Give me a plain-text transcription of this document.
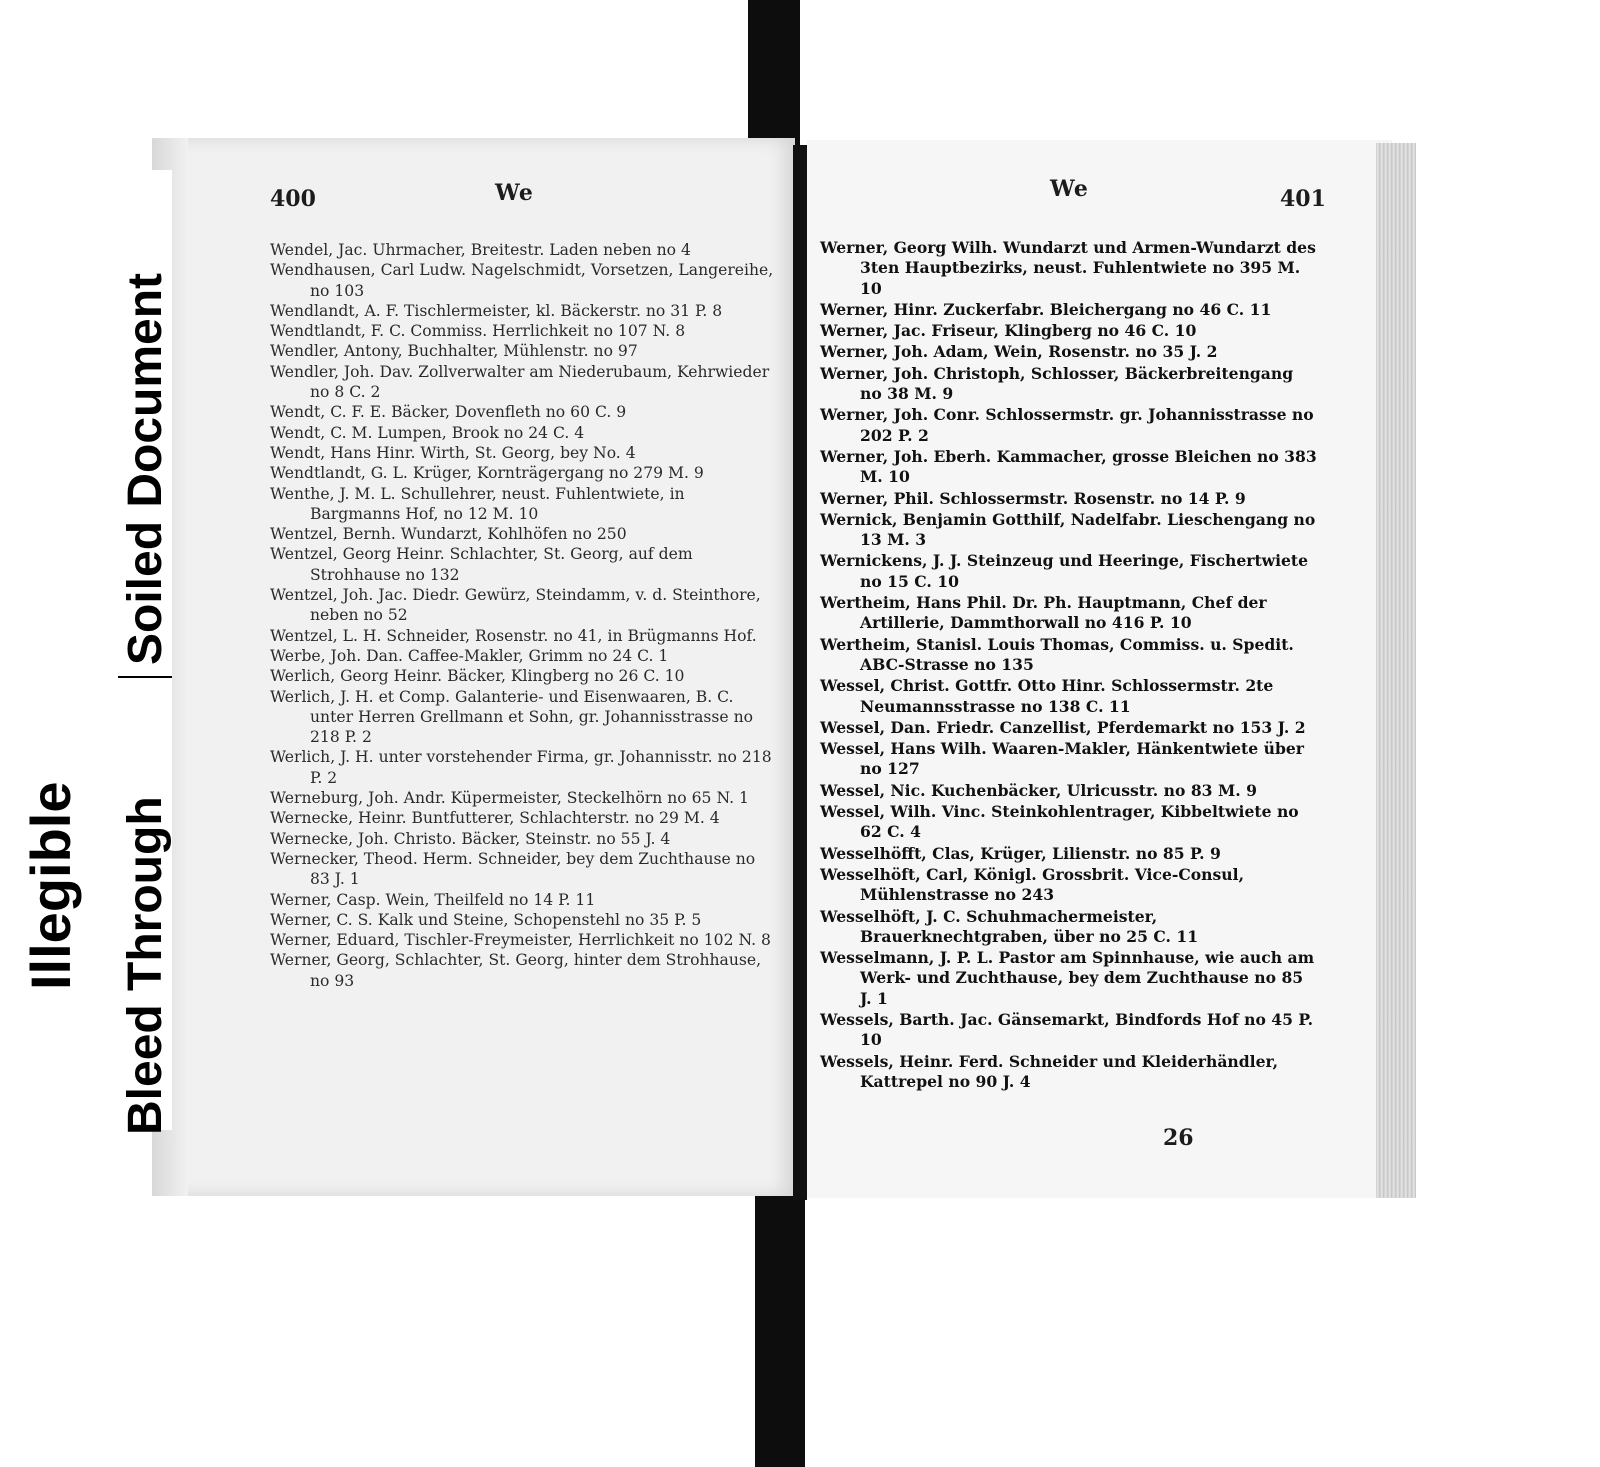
400	We
Wendel, Jac. Uhrmacher, Breitestr. Laden neben no 4
Wendhausen, Carl Ludw. Nagelschmidt, Vorsetzen, Langereihe, no 103
Wendlandt, A. F. Tischlermeister, kl. Bäckerstr. no 31 P. 8
Wendtlandt, F. C. Commiss. Herrlichkeit no 107 N. 8
Wendler, Antony, Buchhalter, Mühlenstr. no 97
Wendler, Joh. Dav. Zollverwalter am Niederubaum, Kehrwieder no 8 C. 2
Wendt, C. F. E. Bäcker, Dovenfleth no 60 C. 9
Wendt, C. M. Lumpen, Brook no 24 C. 4
Wendt, Hans Hinr. Wirth, St. Georg, bey No. 4
Wendtlandt, G. L. Krüger, Kornträgergang no 279 M. 9
Wenthe, J. M. L. Schullehrer, neust. Fuhlentwiete, in Bargmanns Hof, no 12 M. 10
Wentzel, Bernh. Wundarzt, Kohlhöfen no 250
Wentzel, Georg Heinr. Schlachter, St. Georg, auf dem Strohhause no 132
Wentzel, Joh. Jac. Diedr. Gewürz, Steindamm, v. d. Steinthore, neben no 52
Wentzel, L. H. Schneider, Rosenstr. no 41, in Brügmanns Hof.
Werbe, Joh. Dan. Caffee-Makler, Grimm no 24 C. 1
Werlich, Georg Heinr. Bäcker, Klingberg no 26 C. 10
Werlich, J. H. et Comp. Galanterie- und Eisenwaaren, B. C. unter Herren Grellmann et Sohn, gr. Johannisstrasse no 218 P. 2
Werlich, J. H. unter vorstehender Firma, gr. Johannisstr. no 218 P. 2
Werneburg, Joh. Andr. Küpermeister, Steckelhörn no 65 N. 1
Wernecke, Heinr. Buntfutterer, Schlachterstr. no 29 M. 4
Wernecke, Joh. Christo. Bäcker, Steinstr. no 55 J. 4
Wernecker, Theod. Herm. Schneider, bey dem Zuchthause no 83 J. 1
Werner, Casp. Wein, Theilfeld no 14 P. 11
Werner, C. S. Kalk und Steine, Schopenstehl no 35 P. 5
Werner, Eduard, Tischler-Freymeister, Herrlichkeit no 102 N. 8
Werner, Georg, Schlachter, St. Georg, hinter dem Strohhause, no 93
We	401
Werner, Georg Wilh. Wundarzt und Armen-Wundarzt des 3ten Hauptbezirks, neust. Fuhlentwiete no 395 M. 10
Werner, Hinr. Zuckerfabr. Bleichergang no 46 C. 11
Werner, Jac. Friseur, Klingberg no 46 C. 10
Werner, Joh. Adam, Wein, Rosenstr. no 35 J. 2
Werner, Joh. Christoph, Schlosser, Bäckerbreitengang no 38 M. 9
Werner, Joh. Conr. Schlossermstr. gr. Johannisstrasse no 202 P. 2
Werner, Joh. Eberh. Kammacher, grosse Bleichen no 383 M. 10
Werner, Phil. Schlossermstr. Rosenstr. no 14 P. 9
Wernick, Benjamin Gotthilf, Nadelfabr. Lieschengang no 13 M. 3
Wernickens, J. J. Steinzeug und Heeringe, Fischertwiete no 15 C. 10
Wertheim, Hans Phil. Dr. Ph. Hauptmann, Chef der Artillerie, Dammthorwall no 416 P. 10
Wertheim, Stanisl. Louis Thomas, Commiss. u. Spedit. ABC-Strasse no 135
Wessel, Christ. Gottfr. Otto Hinr. Schlossermstr. 2te Neumannsstrasse no 138 C. 11
Wessel, Dan. Friedr. Canzellist, Pferdemarkt no 153 J. 2
Wessel, Hans Wilh. Waaren-Makler, Hänkentwiete über no 127
Wessel, Nic. Kuchenbäcker, Ulricusstr. no 83 M. 9
Wessel, Wilh. Vinc. Steinkohlentrager, Kibbeltwiete no 62 C. 4
Wesselhöfft, Clas, Krüger, Lilienstr. no 85 P. 9
Wesselhöft, Carl, Königl. Grossbrit. Vice-Consul, Mühlenstrasse no 243
Wesselhöft, J. C. Schuhmachermeister, Brauerknechtgraben, über no 25 C. 11
Wesselmann, J. P. L. Pastor am Spinnhause, wie auch am Werk- und Zuchthause, bey dem Zuchthause no 85 J. 1
Wessels, Barth. Jac. Gänsemarkt, Bindfords Hof no 45 P. 10
Wessels, Heinr. Ferd. Schneider und Kleiderhändler, Kattrepel no 90 J. 4
26
Illegible Bleed Through
Soiled Document
